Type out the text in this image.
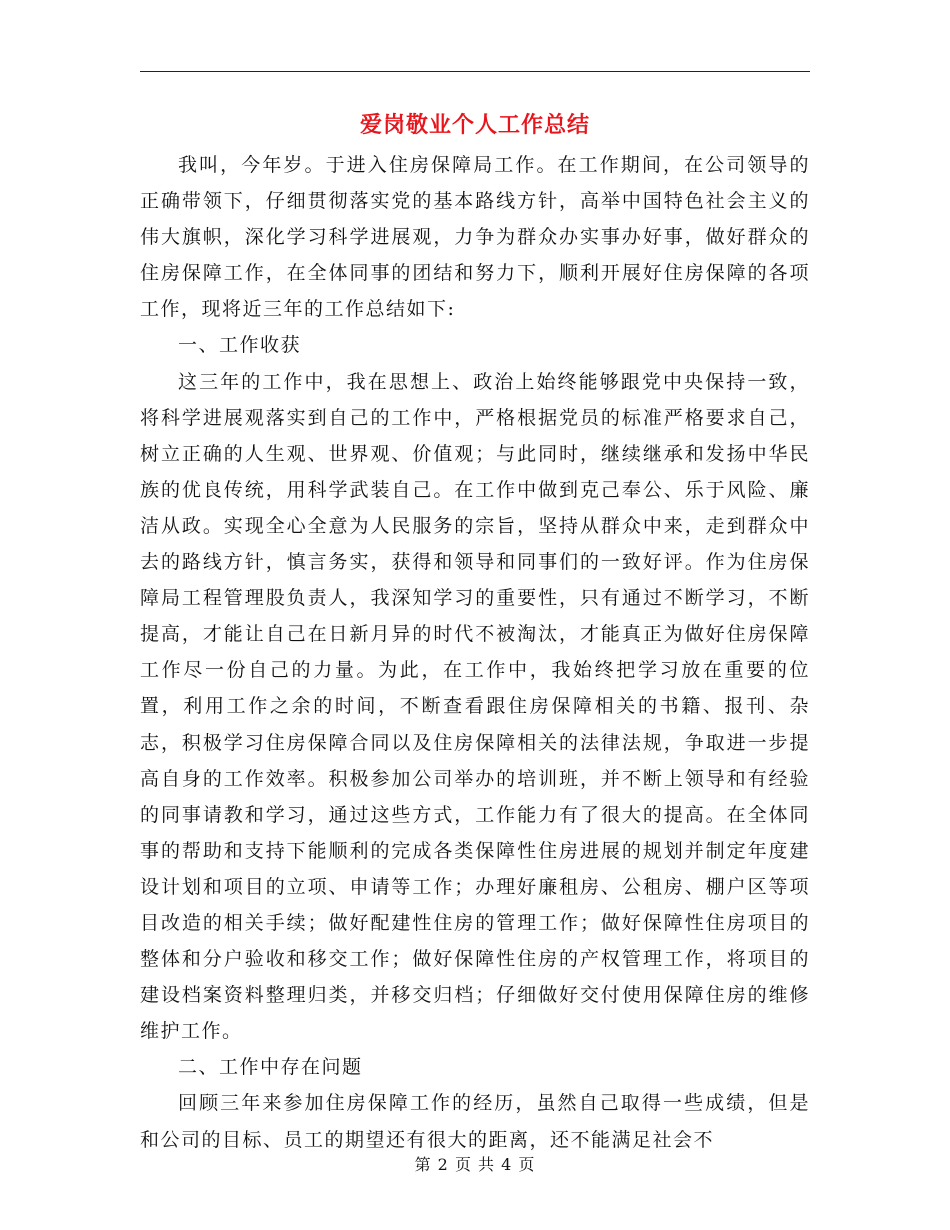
爱岗敬业个人工作总结

我叫，今年岁。于进入住房保障局工作。在工作期间，在公司领导的正确带领下，仔细贯彻落实党的基本路线方针，高举中国特色社会主义的伟大旗帜，深化学习科学进展观，力争为群众办实事办好事，做好群众的住房保障工作，在全体同事的团结和努力下，顺利开展好住房保障的各项工作，现将近三年的工作总结如下:

一、工作收获

这三年的工作中，我在思想上、政治上始终能够跟党中央保持一致，将科学进展观落实到自己的工作中，严格根据党员的标准严格要求自己，树立正确的人生观、世界观、价值观；与此同时，继续继承和发扬中华民族的优良传统，用科学武装自己。在工作中做到克己奉公、乐于风险、廉洁从政。实现全心全意为人民服务的宗旨，坚持从群众中来，走到群众中去的路线方针，慎言务实，获得和领导和同事们的一致好评。作为住房保障局工程管理股负责人，我深知学习的重要性，只有通过不断学习，不断提高，才能让自己在日新月异的时代不被淘汰，才能真正为做好住房保障工作尽一份自己的力量。为此，在工作中，我始终把学习放在重要的位置，利用工作之余的时间，不断查看跟住房保障相关的书籍、报刊、杂志，积极学习住房保障合同以及住房保障相关的法律法规，争取进一步提高自身的工作效率。积极参加公司举办的培训班，并不断上领导和有经验的同事请教和学习，通过这些方式，工作能力有了很大的提高。在全体同事的帮助和支持下能顺利的完成各类保障性住房进展的规划并制定年度建设计划和项目的立项、申请等工作；办理好廉租房、公租房、棚户区等项目改造的相关手续；做好配建性住房的管理工作；做好保障性住房项目的整体和分户验收和移交工作；做好保障性住房的产权管理工作，将项目的建设档案资料整理归类，并移交归档；仔细做好交付使用保障住房的维修维护工作。

二、工作中存在问题

回顾三年来参加住房保障工作的经历，虽然自己取得一些成绩，但是和公司的目标、员工的期望还有很大的距离，还不能满足社会不

第 2 页 共 4 页
